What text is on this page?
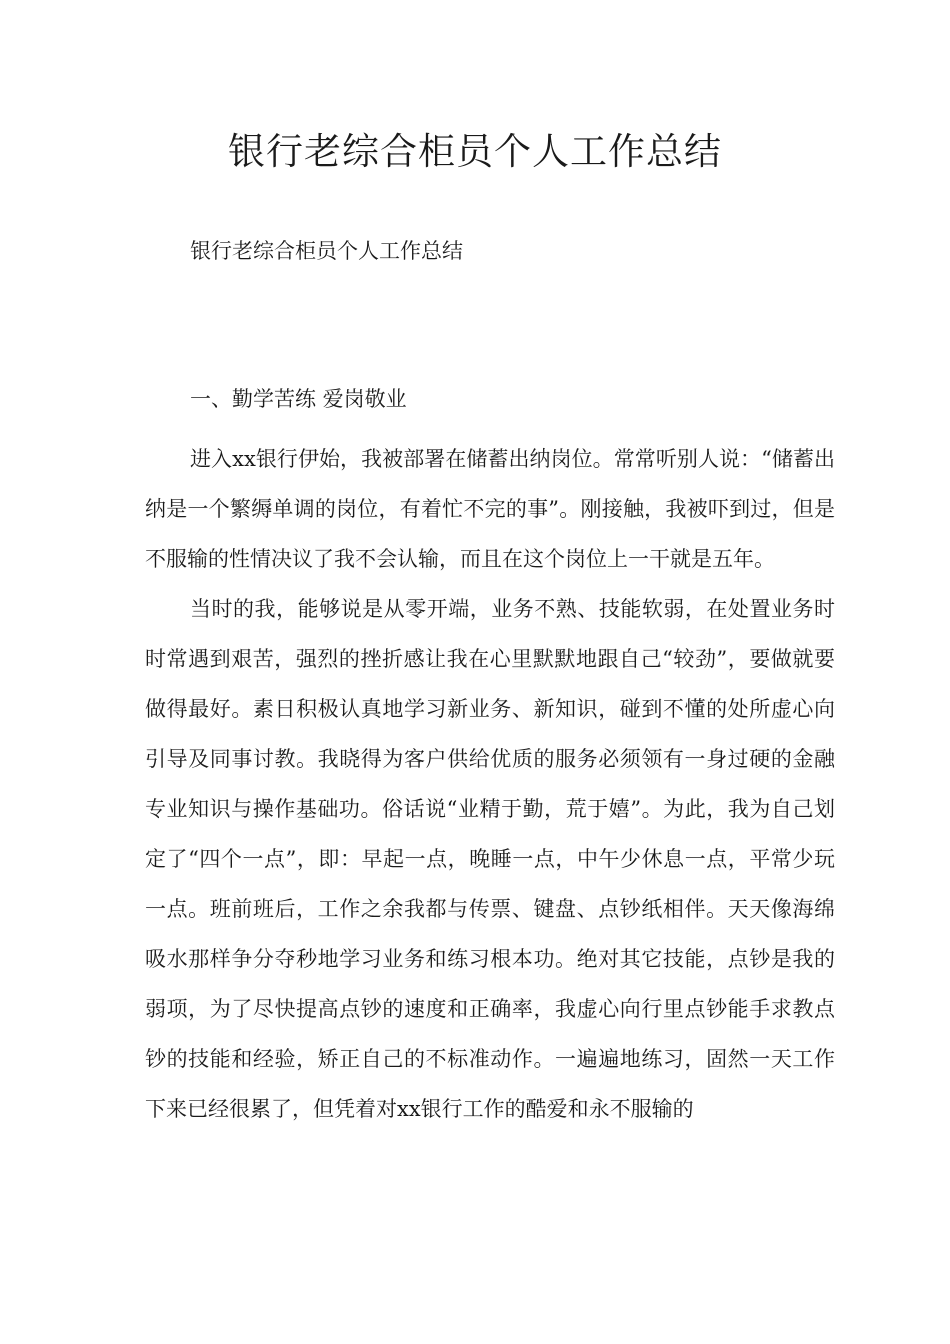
银行老综合柜员个人工作总结

银行老综合柜员个人工作总结

一、勤学苦练 爱岗敬业

进入xx银行伊始，我被部署在储蓄出纳岗位。常常听别人说：“储蓄出纳是一个繁缛单调的岗位，有着忙不完的事”。刚接触，我被吓到过，但是不服输的性情决议了我不会认输，而且在这个岗位上一干就是五年。

当时的我，能够说是从零开端，业务不熟、技能软弱，在处置业务时时常遇到艰苦，强烈的挫折感让我在心里默默地跟自己“较劲”，要做就要做得最好。素日积极认真地学习新业务、新知识，碰到不懂的处所虚心向引导及同事讨教。我晓得为客户供给优质的服务必须领有一身过硬的金融专业知识与操作基础功。俗话说“业精于勤，荒于嬉”。为此，我为自己划定了“四个一点”，即：早起一点，晚睡一点，中午少休息一点，平常少玩一点。班前班后，工作之余我都与传票、键盘、点钞纸相伴。天天像海绵吸水那样争分夺秒地学习业务和练习根本功。绝对其它技能，点钞是我的弱项，为了尽快提高点钞的速度和正确率，我虚心向行里点钞能手求教点钞的技能和经验，矫正自己的不标准动作。一遍遍地练习，固然一天工作下来已经很累了，但凭着对xx银行工作的酷爱和永不服输的
